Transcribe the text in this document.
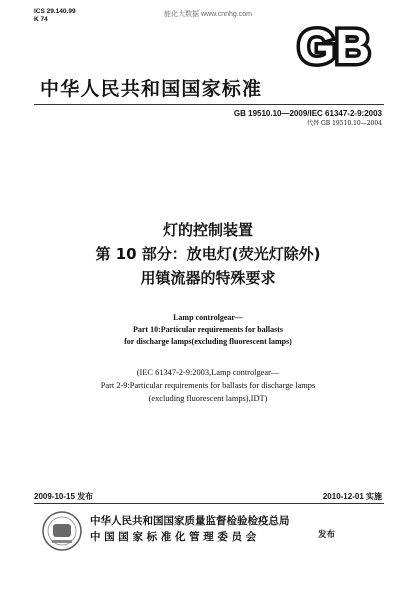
ICS 29.140.99
K 74
能化大数据 www.cnnhg.com
GB
中华人民共和国国家标准
GB 19510.10—2009/IEC 61347-2-9:2003
代替 GB 19510.10—2004
灯的控制装置
第 10 部分：放电灯(荧光灯除外)
用镇流器的特殊要求
Lamp controlgear—
Part 10:Particular requirements for ballasts
for discharge lamps(excluding fluorescent lamps)
(IEC 61347-2-9:2003,Lamp controlgear—
Part 2-9:Particular requirements for ballasts for discharge lamps
(excluding fluorescent lamps),IDT)
2009-10-15 发布	2010-12-01 实施
中华人民共和国国家质量监督检验检疫总局
中 国 国 家 标 准 化 管 理 委 员 会	发布
